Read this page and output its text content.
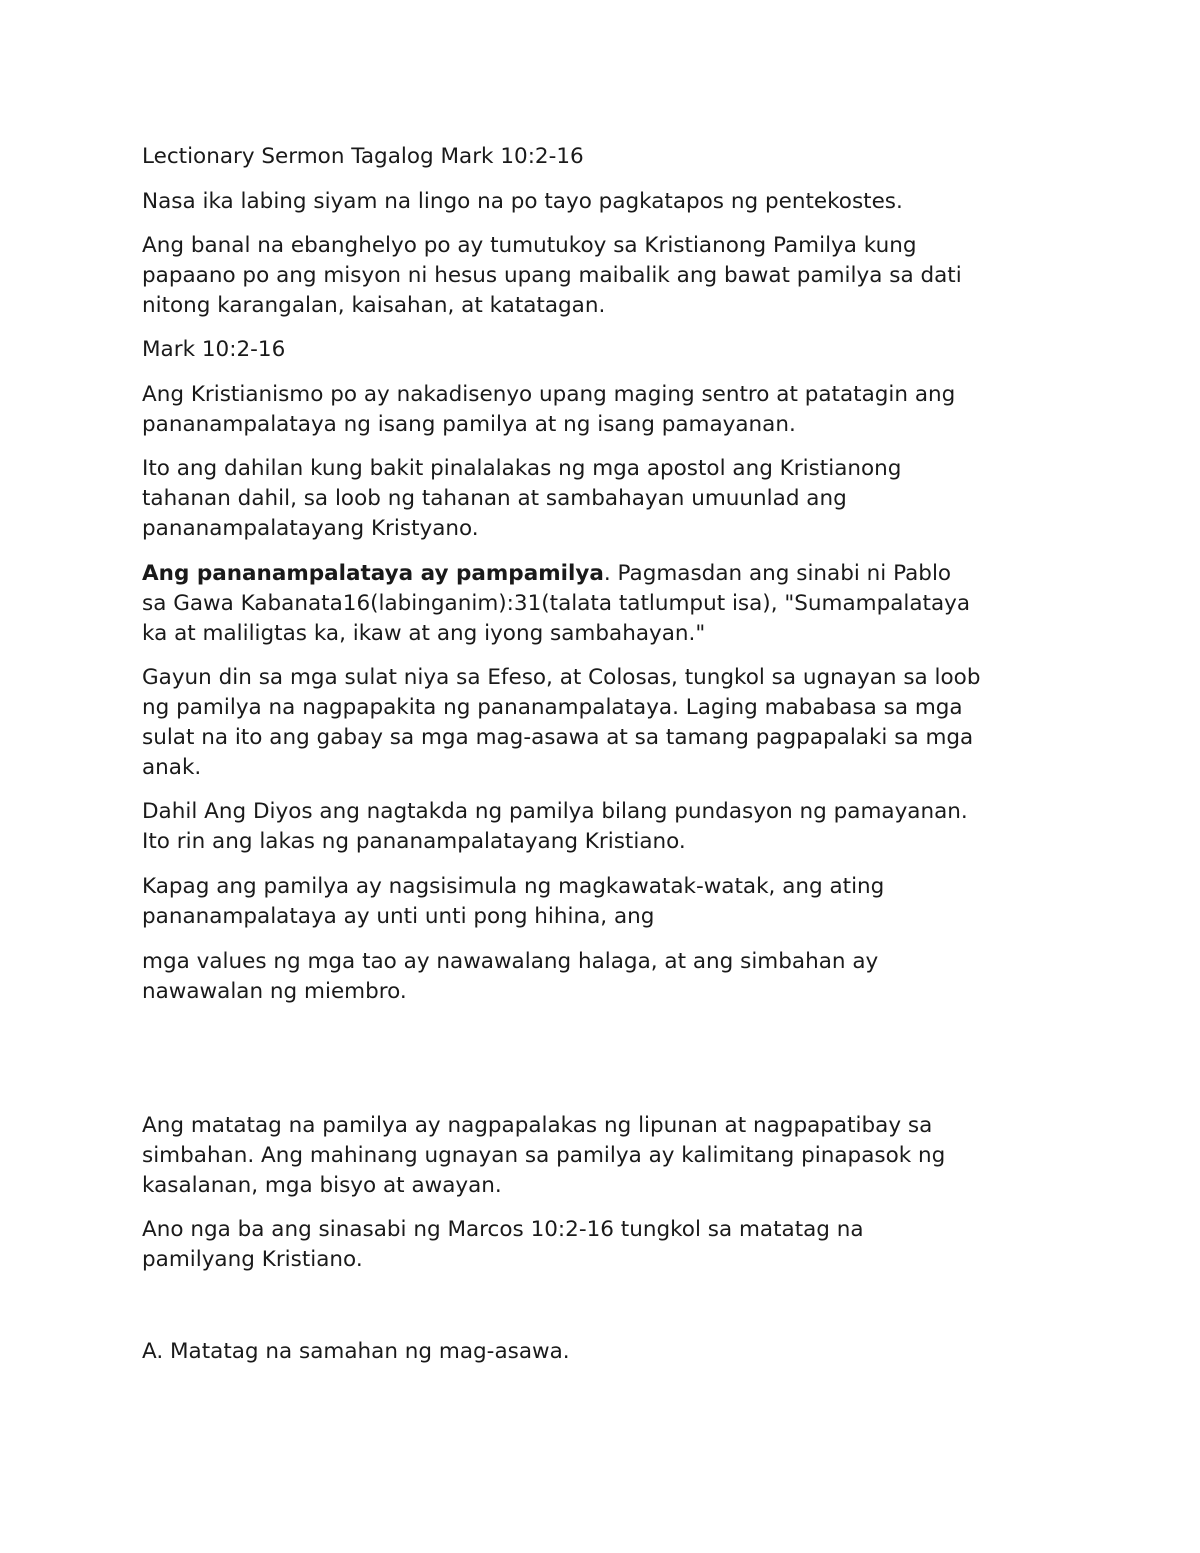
Lectionary Sermon Tagalog Mark 10:2-16

Nasa ika labing siyam na lingo na po tayo pagkatapos ng pentekostes.

Ang banal na ebanghelyo po ay tumutukoy sa Kristianong Pamilya kung
papaano po ang misyon ni hesus upang maibalik ang bawat pamilya sa dati
nitong karangalan, kaisahan, at katatagan.

Mark 10:2-16

Ang Kristianismo po ay nakadisenyo upang maging sentro at patatagin ang
pananampalataya ng isang pamilya at ng isang pamayanan.

Ito ang dahilan kung bakit pinalalakas ng mga apostol ang Kristianong
tahanan dahil, sa loob ng tahanan at sambahayan umuunlad ang
pananampalatayang Kristyano.

Ang pananampalataya ay pampamilya. Pagmasdan ang sinabi ni Pablo
sa Gawa Kabanata16(labinganim):31(talata tatlumput isa), "Sumampalataya
ka at maliligtas ka, ikaw at ang iyong sambahayan."

Gayun din sa mga sulat niya sa Efeso, at Colosas, tungkol sa ugnayan sa loob
ng pamilya na nagpapakita ng pananampalataya. Laging mababasa sa mga
sulat na ito ang gabay sa mga mag-asawa at sa tamang pagpapalaki sa mga
anak.

Dahil Ang Diyos ang nagtakda ng pamilya bilang pundasyon ng pamayanan.
Ito rin ang lakas ng pananampalatayang Kristiano.

Kapag ang pamilya ay nagsisimula ng magkawatak-watak, ang ating
pananampalataya ay unti unti pong hihina, ang

mga values ng mga tao ay nawawalang halaga, at ang simbahan ay
nawawalan ng miembro.

Ang matatag na pamilya ay nagpapalakas ng lipunan at nagpapatibay sa
simbahan. Ang mahinang ugnayan sa pamilya ay kalimitang pinapasok ng
kasalanan, mga bisyo at awayan.

Ano nga ba ang sinasabi ng Marcos 10:2-16 tungkol sa matatag na
pamilyang Kristiano.

A. Matatag na samahan ng mag-asawa.
